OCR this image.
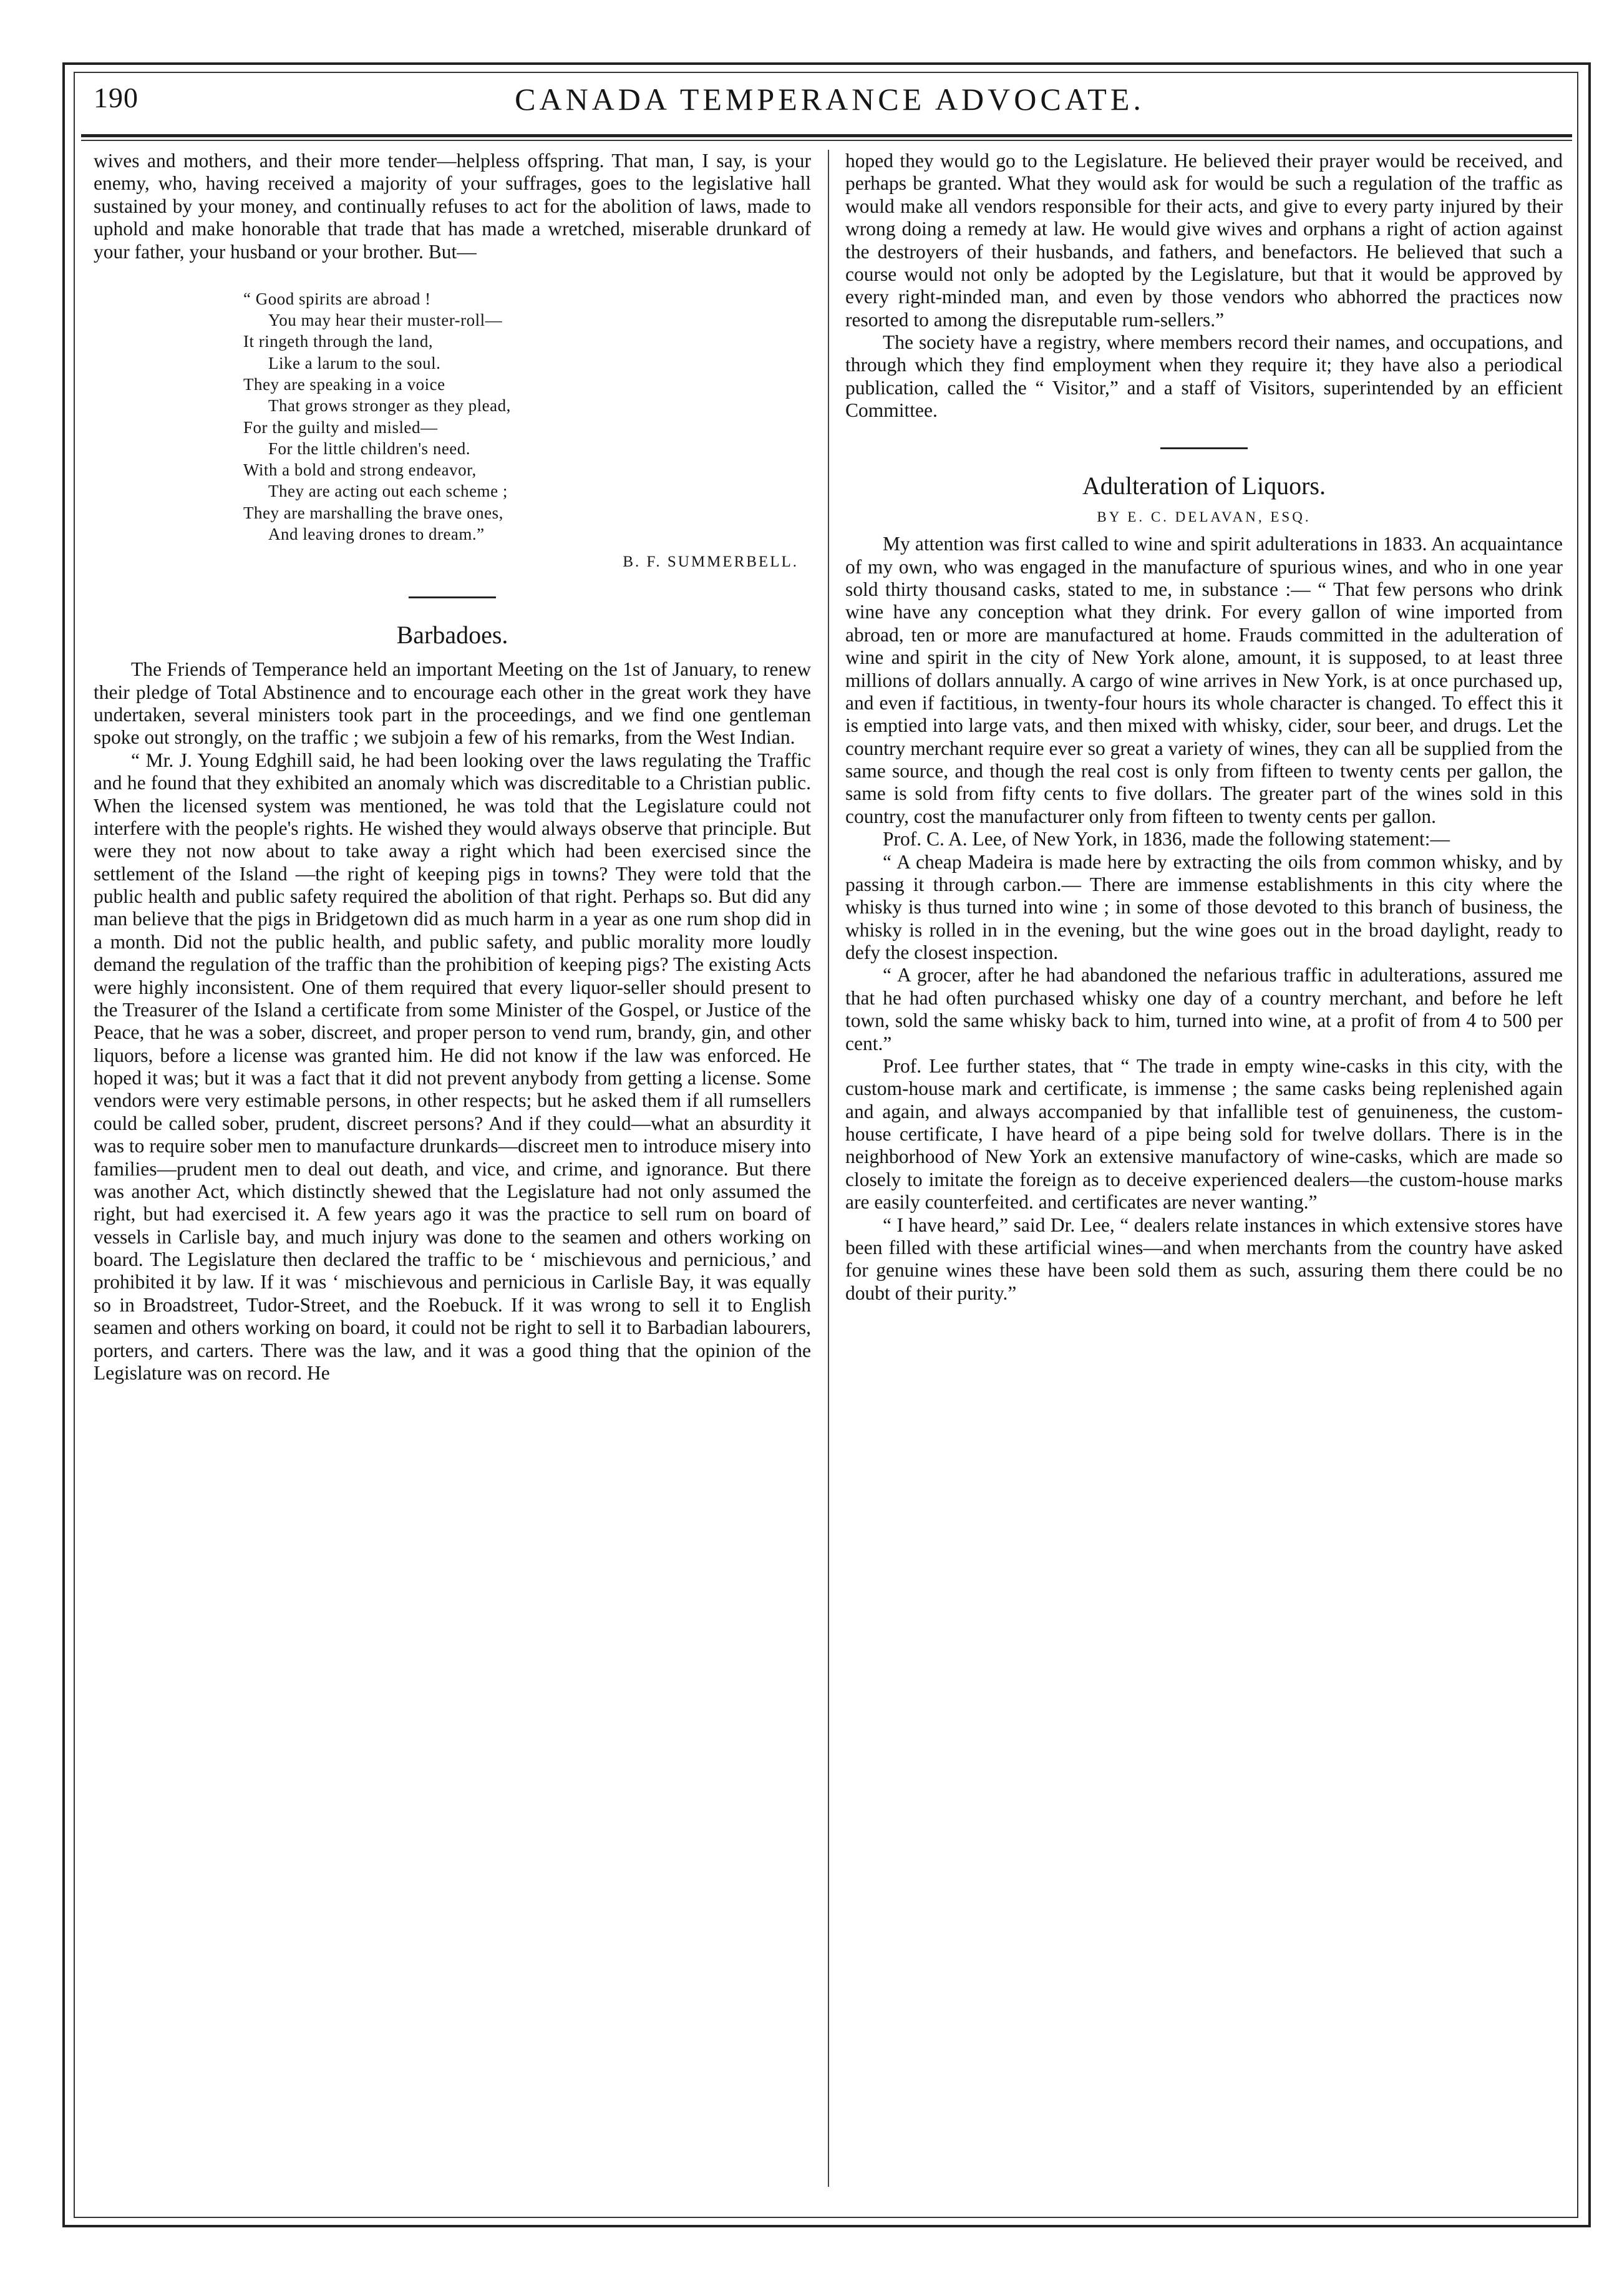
190	CANADA TEMPERANCE ADVOCATE.

wives and mothers, and their more tender—helpless offspring. That man, I say, is your enemy, who, having received a majority of your suffrages, goes to the legislative hall sustained by your money, and continually refuses to act for the abolition of laws, made to uphold and make honorable that trade that has made a wretched, miserable drunkard of your father, your husband or your brother. But—

“ Good spirits are abroad !
You may hear their muster-roll—
It ringeth through the land,
Like a larum to the soul.
They are speaking in a voice
That grows stronger as they plead,
For the guilty and misled—
For the little children's need.
With a bold and strong endeavor,
They are acting out each scheme ;
They are marshalling the brave ones,
And leaving drones to dream.”
B. F. SUMMERBELL.
Barbadoes.

The Friends of Temperance held an important Meeting on the 1st of January, to renew their pledge of Total Abstinence and to encourage each other in the great work they have undertaken, several ministers took part in the proceedings, and we find one gentleman spoke out strongly, on the traffic ; we subjoin a few of his remarks, from the West Indian.

“ Mr. J. Young Edghill said, he had been looking over the laws regulating the Traffic and he found that they exhibited an anomaly which was discreditable to a Christian public. When the licensed system was mentioned, he was told that the Legislature could not interfere with the people's rights. He wished they would always observe that principle. But were they not now about to take away a right which had been exercised since the settlement of the Island —the right of keeping pigs in towns? They were told that the public health and public safety required the abolition of that right. Perhaps so. But did any man believe that the pigs in Bridgetown did as much harm in a year as one rum shop did in a month. Did not the public health, and public safety, and public morality more loudly demand the regulation of the traffic than the prohibition of keeping pigs? The existing Acts were highly inconsistent. One of them required that every liquor-seller should present to the Treasurer of the Island a certificate from some Minister of the Gospel, or Justice of the Peace, that he was a sober, discreet, and proper person to vend rum, brandy, gin, and other liquors, before a license was granted him. He did not know if the law was enforced. He hoped it was; but it was a fact that it did not prevent anybody from getting a license. Some vendors were very estimable persons, in other respects; but he asked them if all rumsellers could be called sober, prudent, discreet persons? And if they could—what an absurdity it was to require sober men to manufacture drunkards—discreet men to introduce misery into families—prudent men to deal out death, and vice, and crime, and ignorance. But there was another Act, which distinctly shewed that the Legislature had not only assumed the right, but had exercised it. A few years ago it was the practice to sell rum on board of vessels in Carlisle bay, and much injury was done to the seamen and others working on board. The Legislature then declared the traffic to be ‘ mischievous and pernicious,’ and prohibited it by law. If it was ‘ mischievous and pernicious in Carlisle Bay, it was equally so in Broadstreet, Tudor-Street, and the Roebuck. If it was wrong to sell it to English seamen and others working on board, it could not be right to sell it to Barbadian labourers, porters, and carters. There was the law, and it was a good thing that the opinion of the Legislature was on record. He

hoped they would go to the Legislature. He believed their prayer would be received, and perhaps be granted. What they would ask for would be such a regulation of the traffic as would make all vendors responsible for their acts, and give to every party injured by their wrong doing a remedy at law. He would give wives and orphans a right of action against the destroyers of their husbands, and fathers, and benefactors. He believed that such a course would not only be adopted by the Legislature, but that it would be approved by every right-minded man, and even by those vendors who abhorred the practices now resorted to among the disreputable rum-sellers.”

The society have a registry, where members record their names, and occupations, and through which they find employment when they require it; they have also a periodical publication, called the “ Visitor,” and a staff of Visitors, superintended by an efficient Committee.

Adulteration of Liquors.
BY E. C. DELAVAN, ESQ.

My attention was first called to wine and spirit adulterations in 1833. An acquaintance of my own, who was engaged in the manufacture of spurious wines, and who in one year sold thirty thousand casks, stated to me, in substance :— “ That few persons who drink wine have any conception what they drink. For every gallon of wine imported from abroad, ten or more are manufactured at home. Frauds committed in the adulteration of wine and spirit in the city of New York alone, amount, it is supposed, to at least three millions of dollars annually. A cargo of wine arrives in New York, is at once purchased up, and even if factitious, in twenty-four hours its whole character is changed. To effect this it is emptied into large vats, and then mixed with whisky, cider, sour beer, and drugs. Let the country merchant require ever so great a variety of wines, they can all be supplied from the same source, and though the real cost is only from fifteen to twenty cents per gallon, the same is sold from fifty cents to five dollars. The greater part of the wines sold in this country, cost the manufacturer only from fifteen to twenty cents per gallon.

Prof. C. A. Lee, of New York, in 1836, made the following statement:—

“ A cheap Madeira is made here by extracting the oils from common whisky, and by passing it through carbon.— There are immense establishments in this city where the whisky is thus turned into wine ; in some of those devoted to this branch of business, the whisky is rolled in in the evening, but the wine goes out in the broad daylight, ready to defy the closest inspection.

“ A grocer, after he had abandoned the nefarious traffic in adulterations, assured me that he had often purchased whisky one day of a country merchant, and before he left town, sold the same whisky back to him, turned into wine, at a profit of from 4 to 500 per cent.”

Prof. Lee further states, that “ The trade in empty wine-casks in this city, with the custom-house mark and certificate, is immense ; the same casks being replenished again and again, and always accompanied by that infallible test of genuineness, the custom-house certificate, I have heard of a pipe being sold for twelve dollars. There is in the neighborhood of New York an extensive manufactory of wine-casks, which are made so closely to imitate the foreign as to deceive experienced dealers—the custom-house marks are easily counterfeited. and certificates are never wanting.”

“ I have heard,” said Dr. Lee, “ dealers relate instances in which extensive stores have been filled with these artificial wines—and when merchants from the country have asked for genuine wines these have been sold them as such, assuring them there could be no doubt of their purity.”
